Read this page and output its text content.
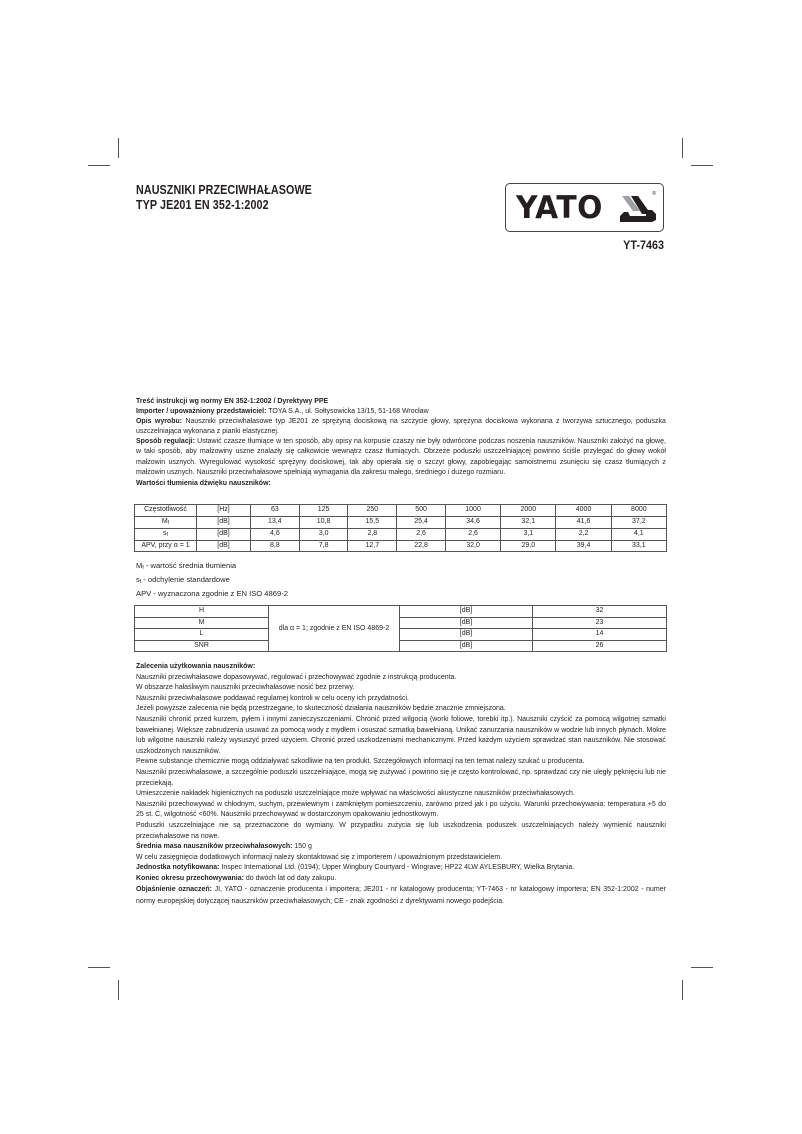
NAUSZNIKI PRZECIWHAŁASOWE
TYP JE201 EN 352-1:2002	YATO	®
YT-7463

Treść instrukcji wg normy EN 352-1:2002 / Dyrektywy PPE

Importer / upoważniony przedstawiciel: TOYA S.A., ul. Sołtysowicka 13/15, 51-168 Wrocław

Opis wyrobu: Nauszniki przeciwhałasowe typ JE201 ze sprężyną dociskową na szczycie głowy, sprężyna dociskowa wykonana z tworzywa sztucznego, poduszka uszczelniająca wykonana z pianki elastycznej.

Sposób regulacji: Ustawić czasze tłumiące w ten sposób, aby opisy na korpusie czaszy nie były odwrócone podczas noszenia nauszników. Nauszniki założyć na głowę, w taki sposób, aby małżowiny uszne znalazły się całkowicie wewnątrz czasz tłumiących. Obrzeże poduszki uszczelniającej powinno ściśle przylegać do głowy wokół małżowin usznych. Wyregulować wysokość sprężyny dociskowej, tak aby opierała się o szczyt głowy, zapobiegając samoistnemu zsunięciu się czasz tłumiących z małżowin usznych. Nauszniki przeciwhałasowe spełniają wymagania dla zakresu małego, średniego i dużego rozmiaru.

Wartości tłumienia dźwięku nauszników:

Częstotliwość	[Hz]	63	125	250	500	1000	2000	4000	8000
$M_f$	[dB]	13,4	10,8	15,5	25,4	34,6	32,1	41,6	37,2
$s_f$	[dB]	4,6	3,0	2,8	2,6	2,6	3,1	2,2	4,1
APV, przy α = 1	[dB]	8,8	7,8	12,7	22,8	32,0	29,0	39,4	33,1
$M_f$ - wartość średnia tłumienia
$s_f$ - odchylenie standardowe
APV - wyznaczona zgodnie z EN ISO 4869-2
H	dla α = 1; zgodnie z EN ISO 4869-2	[dB]	32
M		[dB]	23
L		[dB]	14
SNR		[dB]	26

Zalecenia użytkowania nauszników:

Nauszniki przeciwhałasowe dopasowywać, regulować i przechowywać zgodnie z instrukcją producenta.

W obszarze hałaśliwym nauszniki przeciwhałasowe nosić bez przerwy.

Nauszniki przeciwhałasowe poddawać regularnej kontroli w celu oceny ich przydatności.

Jeżeli powyższe zalecenia nie będą przestrzegane, to skuteczność działania nauszników będzie znacznie zmniejszona.

Nauszniki chronić przed kurzem, pyłem i innymi zanieczyszczeniami. Chronić przed wilgocią (worki foliowe, torebki itp.). Nauszniki czyścić za pomocą wilgotnej szmatki bawełnianej. Większe zabrudzenia usuwać za pomocą wody z mydłem i osuszać szmatką bawełnianą. Unikać zanurzania nauszników w wodzie lub innych płynach. Mokre lub wilgotne nauszniki należy wysuszyć przed użyciem. Chronić przed uszkodzeniami mechanicznymi. Przed każdym użyciem sprawdzać stan nauszników. Nie stosować uszkodzonych nauszników.

Pewne substancje chemicznie mogą oddziaływać szkodliwie na ten produkt. Szczegółowych informacji na ten temat należy szukać u producenta.

Nauszniki przeciwhałasowe, a szczególnie poduszki uszczelniające, mogą się zużywać i powinno się je często kontrolować, np. sprawdzać czy nie uległy pęknięciu lub nie przeciekają.

Umieszczenie nakładek higienicznych na poduszki uszczelniające może wpływać na właściwości akustyczne nauszników przeciwhałasowych.

Nauszniki przechowywać w chłodnym, suchym, przewiewnym i zamkniętym pomieszczeniu, zarówno przed jak i po użyciu. Warunki przechowywania: temperatura +5 do 25 st. C, wilgotność <60%. Nauszniki przechowywać w dostarczonym opakowaniu jednostkowym.

Poduszki uszczelniające nie są przeznaczone do wymiany. W przypadku zużycia się lub uszkodzenia poduszek uszczelniających należy wymienić nauszniki przeciwhałasowe na nowe.

Średnia masa nauszników przeciwhałasowych: 150 g

W celu zasięgnięcia dodatkowych informacji należy skontaktować się z importerem / upoważnionym przedstawicielem.

Jednostka notyfikowana: Inspec International Ltd. (0194); Upper Wingbury Courtyard - Wingrave; HP22 4LW AYLESBURY, Wielka Brytania.

Koniec okresu przechowywania: do dwóch lat od daty zakupu.

Objaśnienie oznaczeń: JI, YATO - oznaczenie producenta i importera; JE201 - nr katalogowy producenta; YT-7463 - nr katalogowy importera; EN 352-1:2002 - numer normy europejskiej dotyczącej nauszników przeciwhałasowych; CE - znak zgodności z dyrektywami nowego podejścia.
